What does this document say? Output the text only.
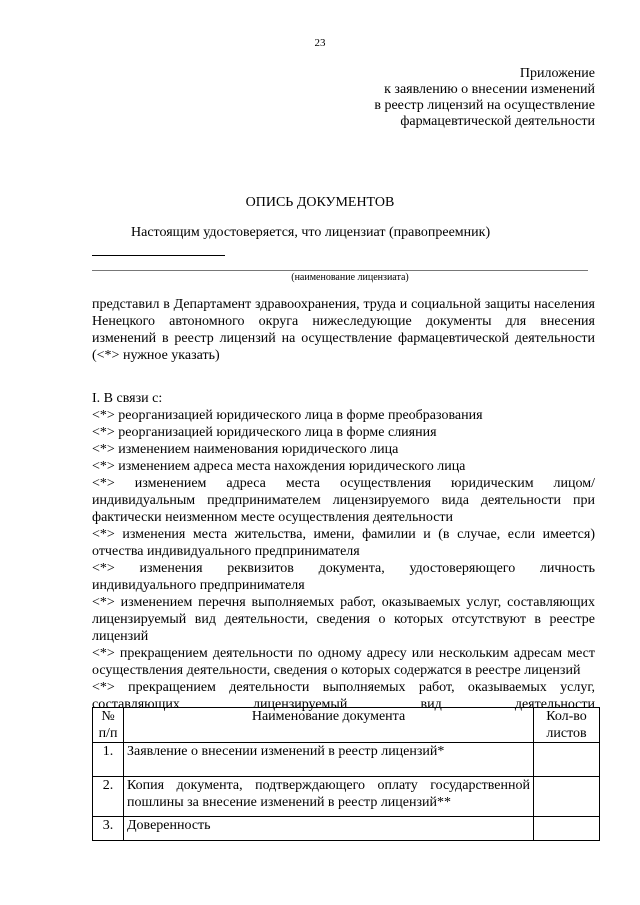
23
Приложение
к заявлению о внесении изменений
в реестр лицензий на осуществление
фармацевтической деятельности
ОПИСЬ ДОКУМЕНТОВ
Настоящим удостоверяется, что лицензиат (правопреемник)
(наименование лицензиата)
представил в Департамент здравоохранения, труда и социальной защиты населения Ненецкого автономного округа нижеследующие документы для внесения изменений в реестр лицензий на осуществление фармацевтической деятельности (<*> нужное указать)
I. В связи с:

<*> реорганизацией юридического лица в форме преобразования

<*> реорганизацией юридического лица в форме слияния

<*> изменением наименования юридического лица

<*> изменением адреса места нахождения юридического лица

<*> изменением адреса места осуществления юридическим лицом/индивидуальным предпринимателем лицензируемого вида деятельности при фактически неизменном месте осуществления деятельности

<*> изменения места жительства, имени, фамилии и (в случае, если имеется) отчества индивидуального предпринимателя

<*> изменения реквизитов документа, удостоверяющего личность индивидуального предпринимателя

<*> изменением перечня выполняемых работ, оказываемых услуг, составляющих лицензируемый вид деятельности, сведения о которых отсутствуют в реестре лицензий

<*> прекращением деятельности по одному адресу или нескольким адресам мест осуществления деятельности, сведения о которых содержатся в реестре лицензий

<*> прекращением деятельности выполняемых работ, оказываемых услуг, составляющих лицензируемый вид деятельности

№ п/п	Наименование документа	Кол-во листов
1.	Заявление о внесении изменений в реестр лицензий*	
2.	Копия документа, подтверждающего оплату государственной пошлины за внесение изменений в реестр лицензий**	
3.	Доверенность	
